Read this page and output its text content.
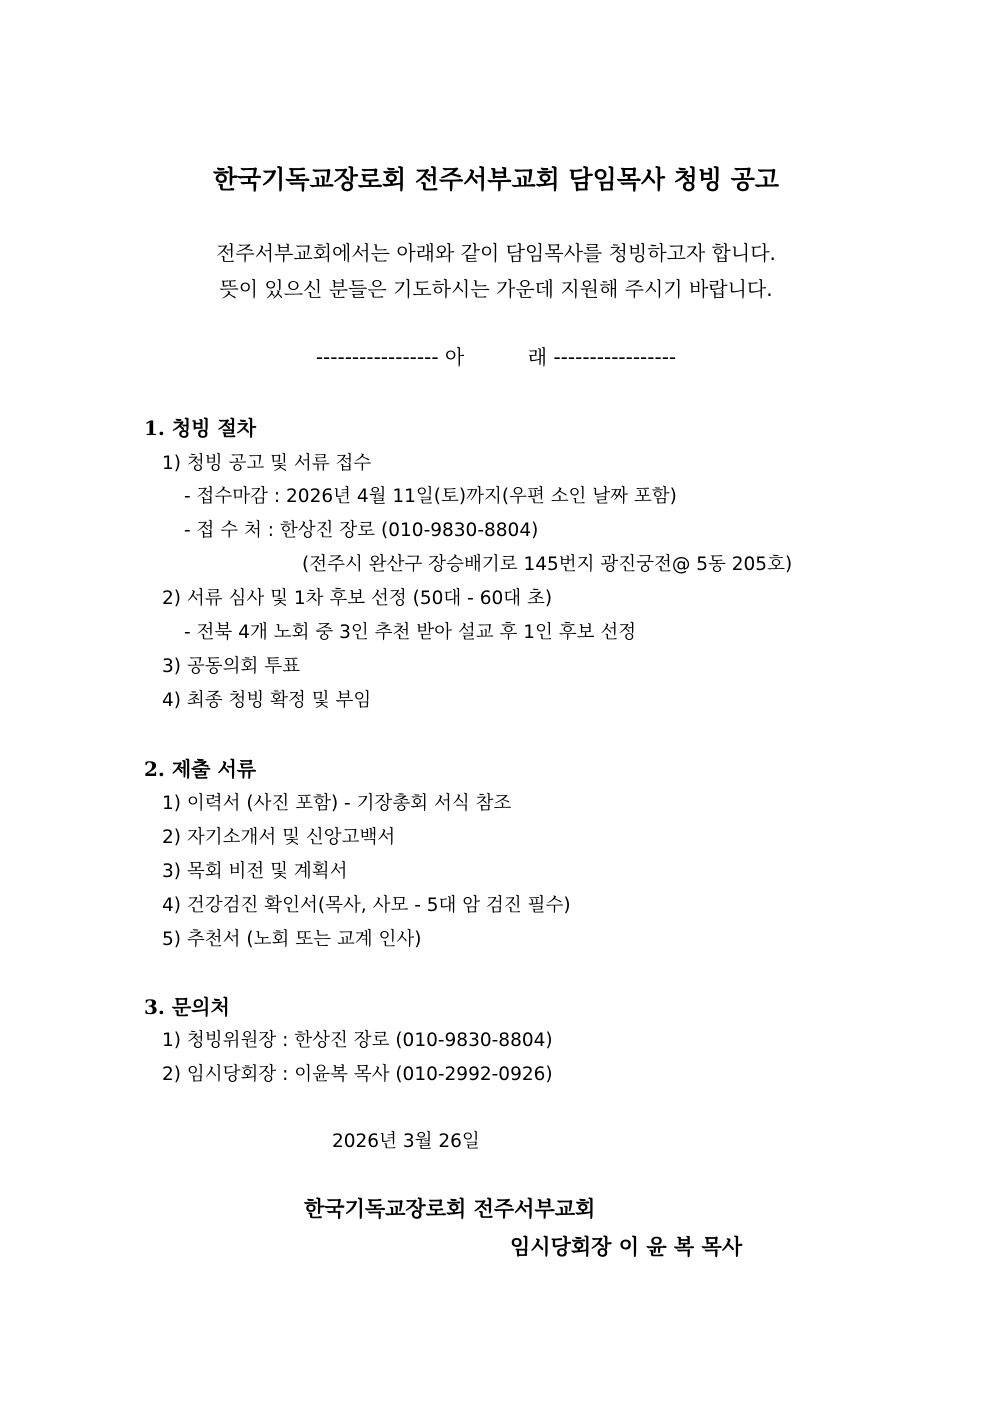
한국기독교장로회 전주서부교회 담임목사 청빙 공고
전주서부교회에서는 아래와 같이 담임목사를 청빙하고자 합니다.
뜻이 있으신 분들은 기도하시는 가운데 지원해 주시기 바랍니다.
----------------- 아          래 -----------------
1. 청빙 절차
1) 청빙 공고 및 서류 접수
- 접수마감 : 2026년 4월 11일(토)까지(우편 소인 날짜 포함)
- 접 수 처 : 한상진 장로 (010-9830-8804)
(전주시 완산구 장승배기로 145번지 광진궁전@ 5동 205호)
2) 서류 심사 및 1차 후보 선정 (50대 - 60대 초)
- 전북 4개 노회 중 3인 추천 받아 설교 후 1인 후보 선정
3) 공동의회 투표
4) 최종 청빙 확정 및 부임
2. 제출 서류
1) 이력서 (사진 포함) - 기장총회 서식 참조
2) 자기소개서 및 신앙고백서
3) 목회 비전 및 계획서
4) 건강검진 확인서(목사, 사모 - 5대 암 검진 필수)
5) 추천서 (노회 또는 교계 인사)
3. 문의처
1) 청빙위원장 : 한상진 장로 (010-9830-8804)
2) 임시당회장 : 이윤복 목사 (010-2992-0926)
2026년 3월 26일
한국기독교장로회 전주서부교회
임시당회장 이 윤 복 목사
